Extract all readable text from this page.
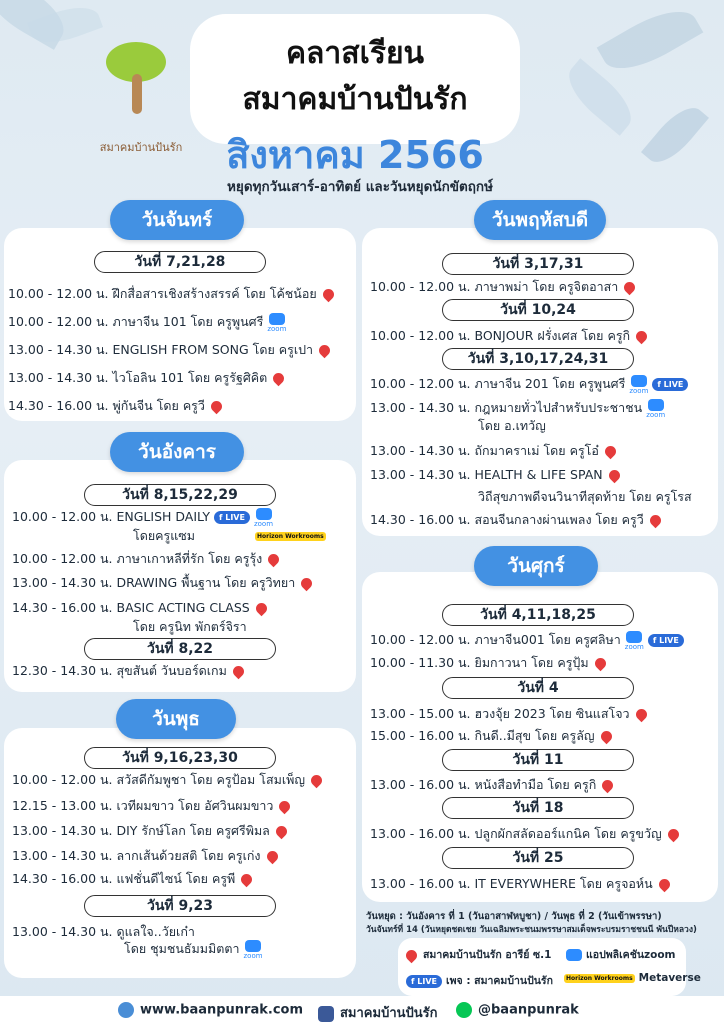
สมาคมบ้านปันรัก
คลาสเรียน
สมาคมบ้านปันรัก
สิงหาคม 2566
หยุดทุกวันเสาร์-อาทิตย์ และวันหยุดนักขัตฤกษ์
วันจันทร์
วันที่ 7,21,28
10.00 - 12.00 น. ฝึกสื่อสารเชิงสร้างสรรค์ โดย โค้ชน้อย
10.00 - 12.00 น. ภาษาจีน 101 โดย ครูพูนศรี zoom
13.00 - 14.30 น. ENGLISH FROM SONG โดย ครูเปา
13.00 - 14.30 น. ไวโอลิน 101 โดย ครูรัฐศิคิต
14.30 - 16.00 น. พู่กันจีน โดย ครูวี
วันอังคาร
วันที่ 8,15,22,29
10.00 - 12.00 น. ENGLISH DAILY f LIVE
zoom
โดยครูแซม	Horizon Workrooms
10.00 - 12.00 น. ภาษาเกาหลีที่รัก โดย ครูรุ้ง
13.00 - 14.30 น. DRAWING พื้นฐาน โดย ครูวิทยา
14.30 - 16.00 น. BASIC ACTING CLASS
โดย ครูนิท พักตร์จิรา
วันที่ 8,22
12.30 - 14.30 น. สุขสันต์ วันบอร์ดเกม
วันพุธ
วันที่ 9,16,23,30
10.00 - 12.00 น. สวัสดีกัมพูชา โดย ครูป้อม โสมเพ็ญ
12.15 - 13.00 น. เวทีผมขาว โดย อัศวินผมขาว
13.00 - 14.30 น. DIY รักษ์โลก โดย ครูศรีพิมล
13.00 - 14.30 น. ลากเส้นด้วยสติ โดย ครูเก่ง
14.30 - 16.00 น. แฟชั่นดีไซน์ โดย ครูพี
วันที่ 9,23
13.00 - 14.30 น. ดูแลใจ..วัยเก๋า
โดย ชุมชนธัมมมิตตา zoom
วันพฤหัสบดี
วันที่ 3,17,31
10.00 - 12.00 น. ภาษาพม่า โดย ครูจิตอาสา
วันที่ 10,24
10.00 - 12.00 น. BONJOUR ฝรั่งเศส โดย ครูกิ
วันที่ 3,10,17,24,31
10.00 - 12.00 น. ภาษาจีน 201 โดย ครูพูนศรี zoomf LIVE
13.00 - 14.30 น. กฎหมายทั่วไปสำหรับประชาชน zoom
โดย อ.เทวัญ
13.00 - 14.30 น. ถักมาคราเม่ โดย ครูโอ๋
13.00 - 14.30 น. HEALTH & LIFE SPAN
วิถีสุขภาพดีจนวินาทีสุดท้าย โดย ครูโรส
14.30 - 16.00 น. สอนจีนกลางผ่านเพลง โดย ครูวี
วันศุกร์
วันที่ 4,11,18,25
10.00 - 12.00 น. ภาษาจีน001 โดย ครูศลิษา zoomf LIVE
10.00 - 11.30 น. ยิมกาวนา โดย ครูปุ้ม
วันที่ 4
13.00 - 15.00 น. ฮวงจุ้ย 2023 โดย ซินแสโจว
15.00 - 16.00 น. กินดี..มีสุข โดย ครูลัญ
วันที่ 11
13.00 - 16.00 น. หนังสือทำมือ โดย ครูกิ
วันที่ 18
13.00 - 16.00 น. ปลูกผักสลัดออร์แกนิค โดย ครูขวัญ
วันที่ 25
13.00 - 16.00 น. IT EVERYWHERE โดย ครูจอห์น
วันหยุด : วันอังคาร ที่ 1 (วันอาสาฬหบูชา) / วันพุธ ที่ 2 (วันเข้าพรรษา)
วันจันทร์ที่ 14 (วันหยุดชดเชย วันเฉลิมพระชนมพรรษาสมเด็จพระบรมราชชนนี พันปีหลวง)
สมาคมบ้านปันรัก อารีย์ ซ.1	แอปพลิเคชันzoom
f LIVE เพจ : สมาคมบ้านปันรัก	Horizon Workrooms Metaverse
www.baanpunrak.com	สมาคมบ้านปันรัก	@baanpunrak
